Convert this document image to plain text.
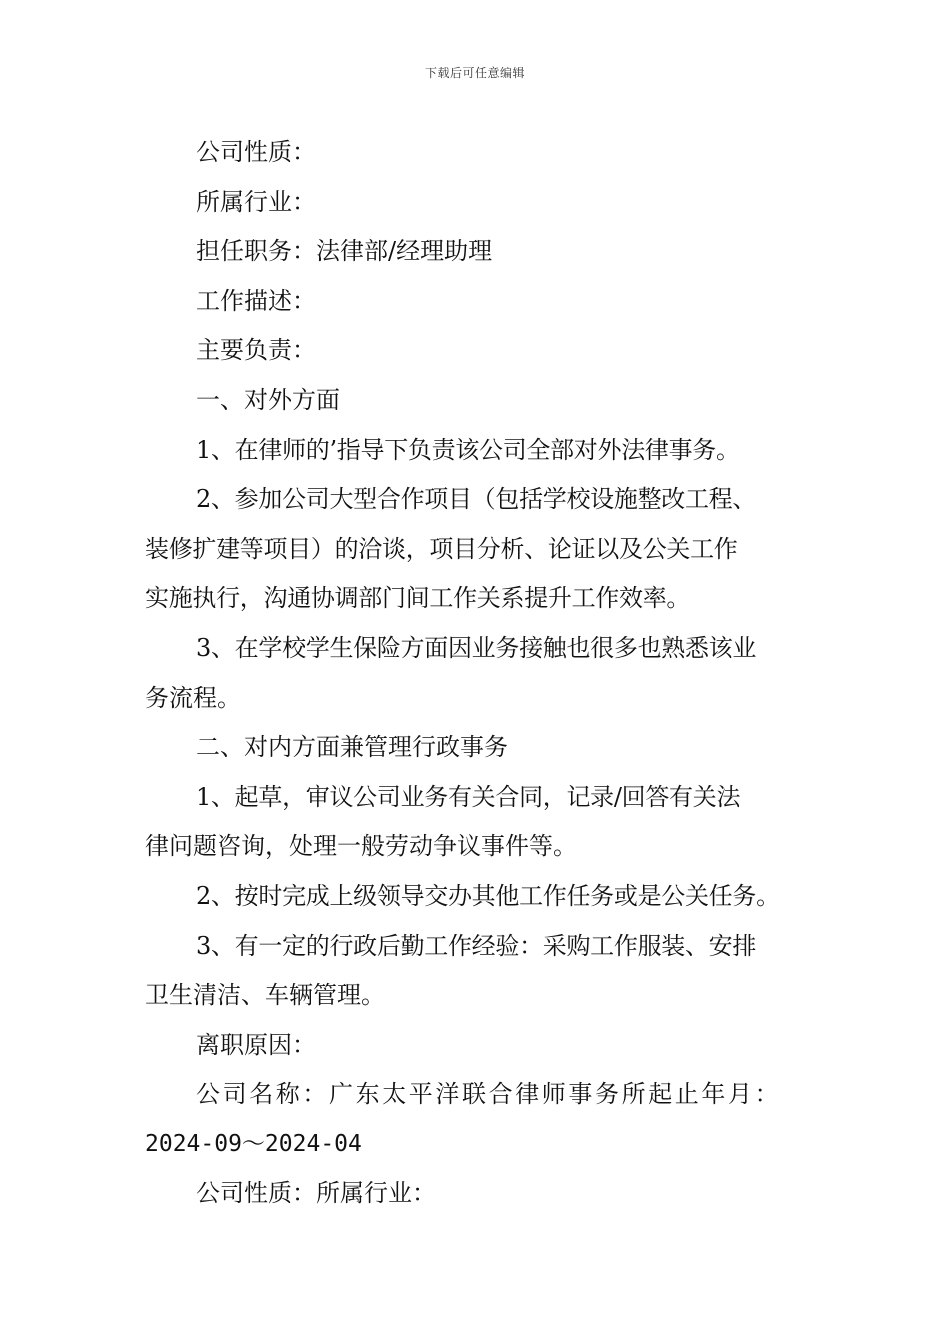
下载后可任意编辑
公司性质：
所属行业：
担任职务：法律部/经理助理
工作描述：
主要负责：
一、对外方面
1、在律师的’指导下负责该公司全部对外法律事务。
2、参加公司大型合作项目（包括学校设施整改工程、
装修扩建等项目）的洽谈，项目分析、论证以及公关工作
实施执行，沟通协调部门间工作关系提升工作效率。
3、在学校学生保险方面因业务接触也很多也熟悉该业
务流程。
二、对内方面兼管理行政事务
1、起草，审议公司业务有关合同，记录/回答有关法
律问题咨询，处理一般劳动争议事件等。
2、按时完成上级领导交办其他工作任务或是公关任务。
3、有一定的行政后勤工作经验：采购工作服装、安排
卫生清洁、车辆管理。
离职原因：
公司名称：广东太平洋联合律师事务所起止年月：
2024-09～2024-04
公司性质：所属行业：
